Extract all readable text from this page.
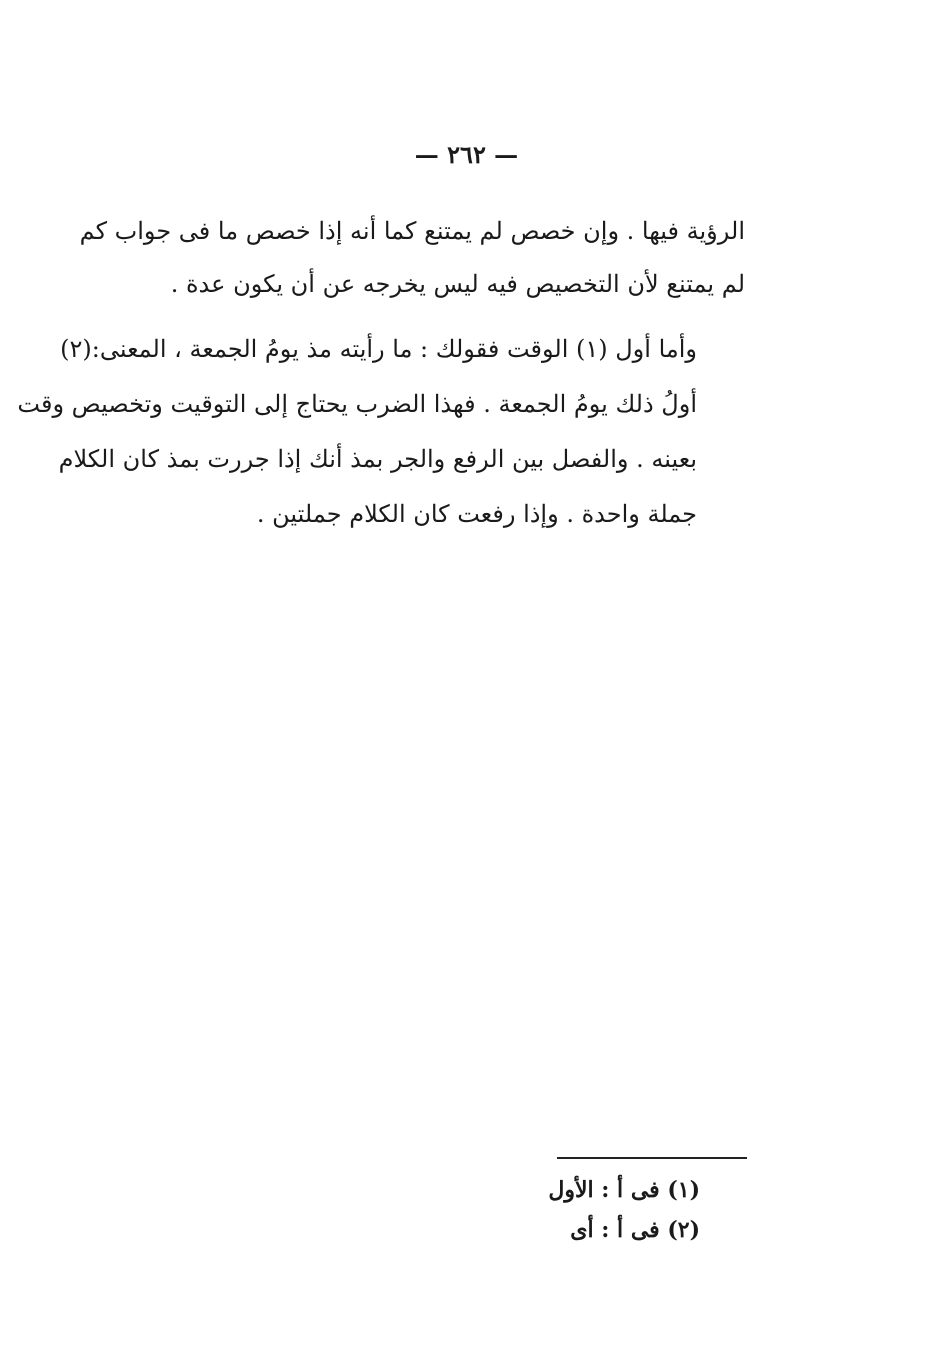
— ٢٦٢ —
الرؤية فيها . وإن خصص لم يمتنع كما أنه إذا خصص ما فى جواب كم
لم يمتنع لأن التخصيص فيه ليس يخرجه عن أن يكون عدة .
وأما أول (١) الوقت فقولك : ما رأيته مذ يومُ الجمعة ، المعنى:(٢)
أولُ ذلك يومُ الجمعة . فهذا الضرب يحتاج إلى التوقيت وتخصيص وقت
بعينه . والفصل بين الرفع والجر بمذ أنك إذا جررت بمذ كان الكلام
جملة واحدة . وإذا رفعت كان الكلام جملتين .
(١) فى أ : الأول
(٢) فى أ : أى
